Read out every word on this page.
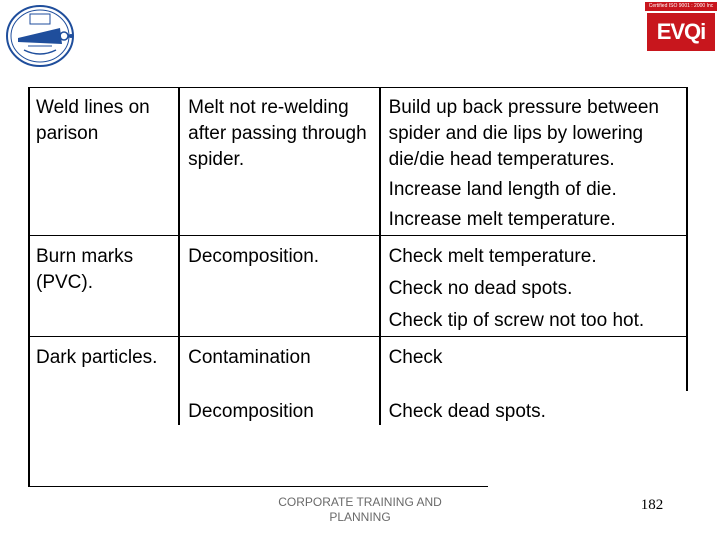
Certified ISO 9001 : 2000 Inc
EVQi
Weld lines on parison	Melt not re-welding after passing through spider.	Build up back pressure between spider and die lips by lowering die/die head temperatures.
Increase land length of die.
Increase melt temperature.

Burn marks (PVC).	Decomposition.	Check melt temperature.
Check no dead spots.
Check tip of screw not too hot.

Dark particles.	Contamination	Check

	Decomposition	Check dead spots.
CORPORATE TRAINING AND PLANNING
182
